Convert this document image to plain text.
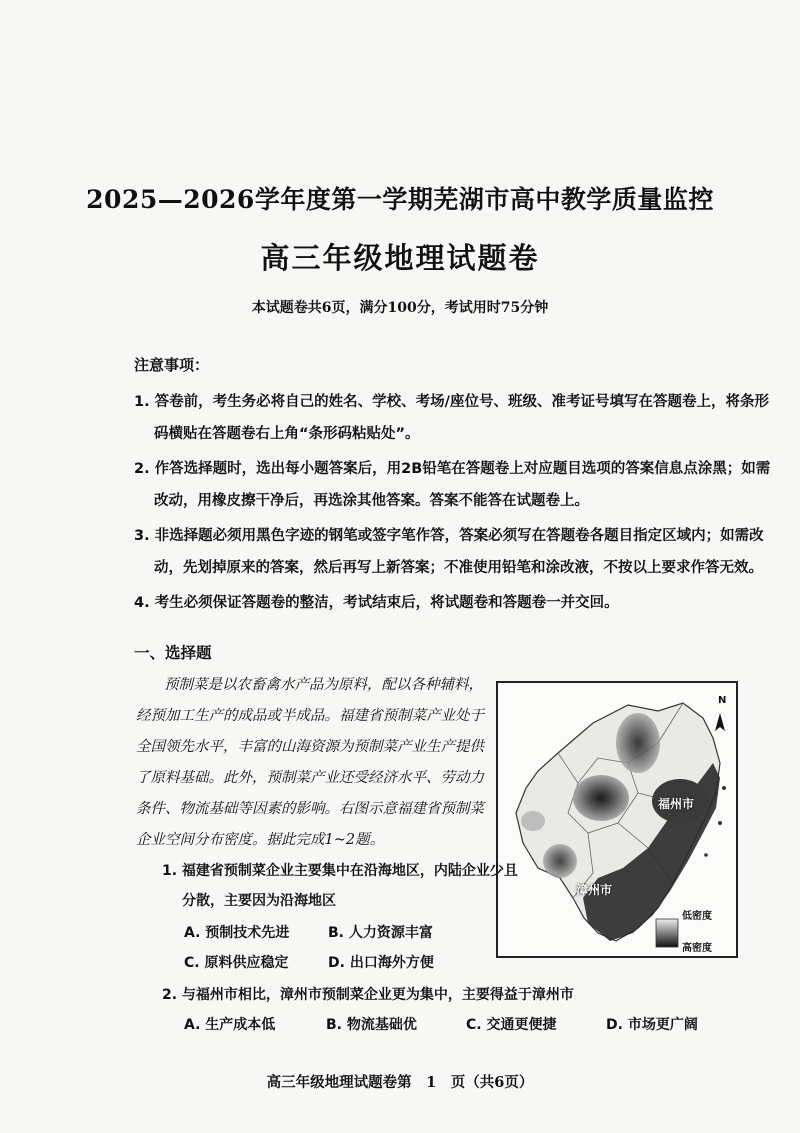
2025—2026学年度第一学期芜湖市高中教学质量监控
高三年级地理试题卷
本试题卷共6页，满分100分，考试用时75分钟
注意事项：
1. 答卷前，考生务必将自己的姓名、学校、考场/座位号、班级、准考证号填写在答题卷上，将条形码横贴在答题卷右上角“条形码粘贴处”。
2. 作答选择题时，选出每小题答案后，用2B铅笔在答题卷上对应题目选项的答案信息点涂黑；如需改动，用橡皮擦干净后，再选涂其他答案。答案不能答在试题卷上。
3. 非选择题必须用黑色字迹的钢笔或签字笔作答，答案必须写在答题卷各题目指定区域内；如需改动，先划掉原来的答案，然后再写上新答案；不准使用铅笔和涂改液，不按以上要求作答无效。
4. 考生必须保证答题卷的整洁，考试结束后，将试题卷和答题卷一并交回。
一、选择题
预制菜是以农畜禽水产品为原料，配以各种辅料，经预加工生产的成品或半成品。福建省预制菜产业处于全国领先水平，丰富的山海资源为预制菜产业生产提供了原料基础。此外，预制菜产业还受经济水平、劳动力条件、物流基础等因素的影响。右图示意福建省预制菜企业空间分布密度。据此完成1~2题。
N
福州市
漳州市
低密度
高密度
1. 福建省预制菜企业主要集中在沿海地区，内陆企业少且分散，主要因为沿海地区
A. 预制技术先进	B. 人力资源丰富
C. 原料供应稳定	D. 出口海外方便
2. 与福州市相比，漳州市预制菜企业更为集中，主要得益于漳州市
A. 生产成本低	B. 物流基础优	C. 交通更便捷	D. 市场更广阔
高三年级地理试题卷第　1　页（共6页）
